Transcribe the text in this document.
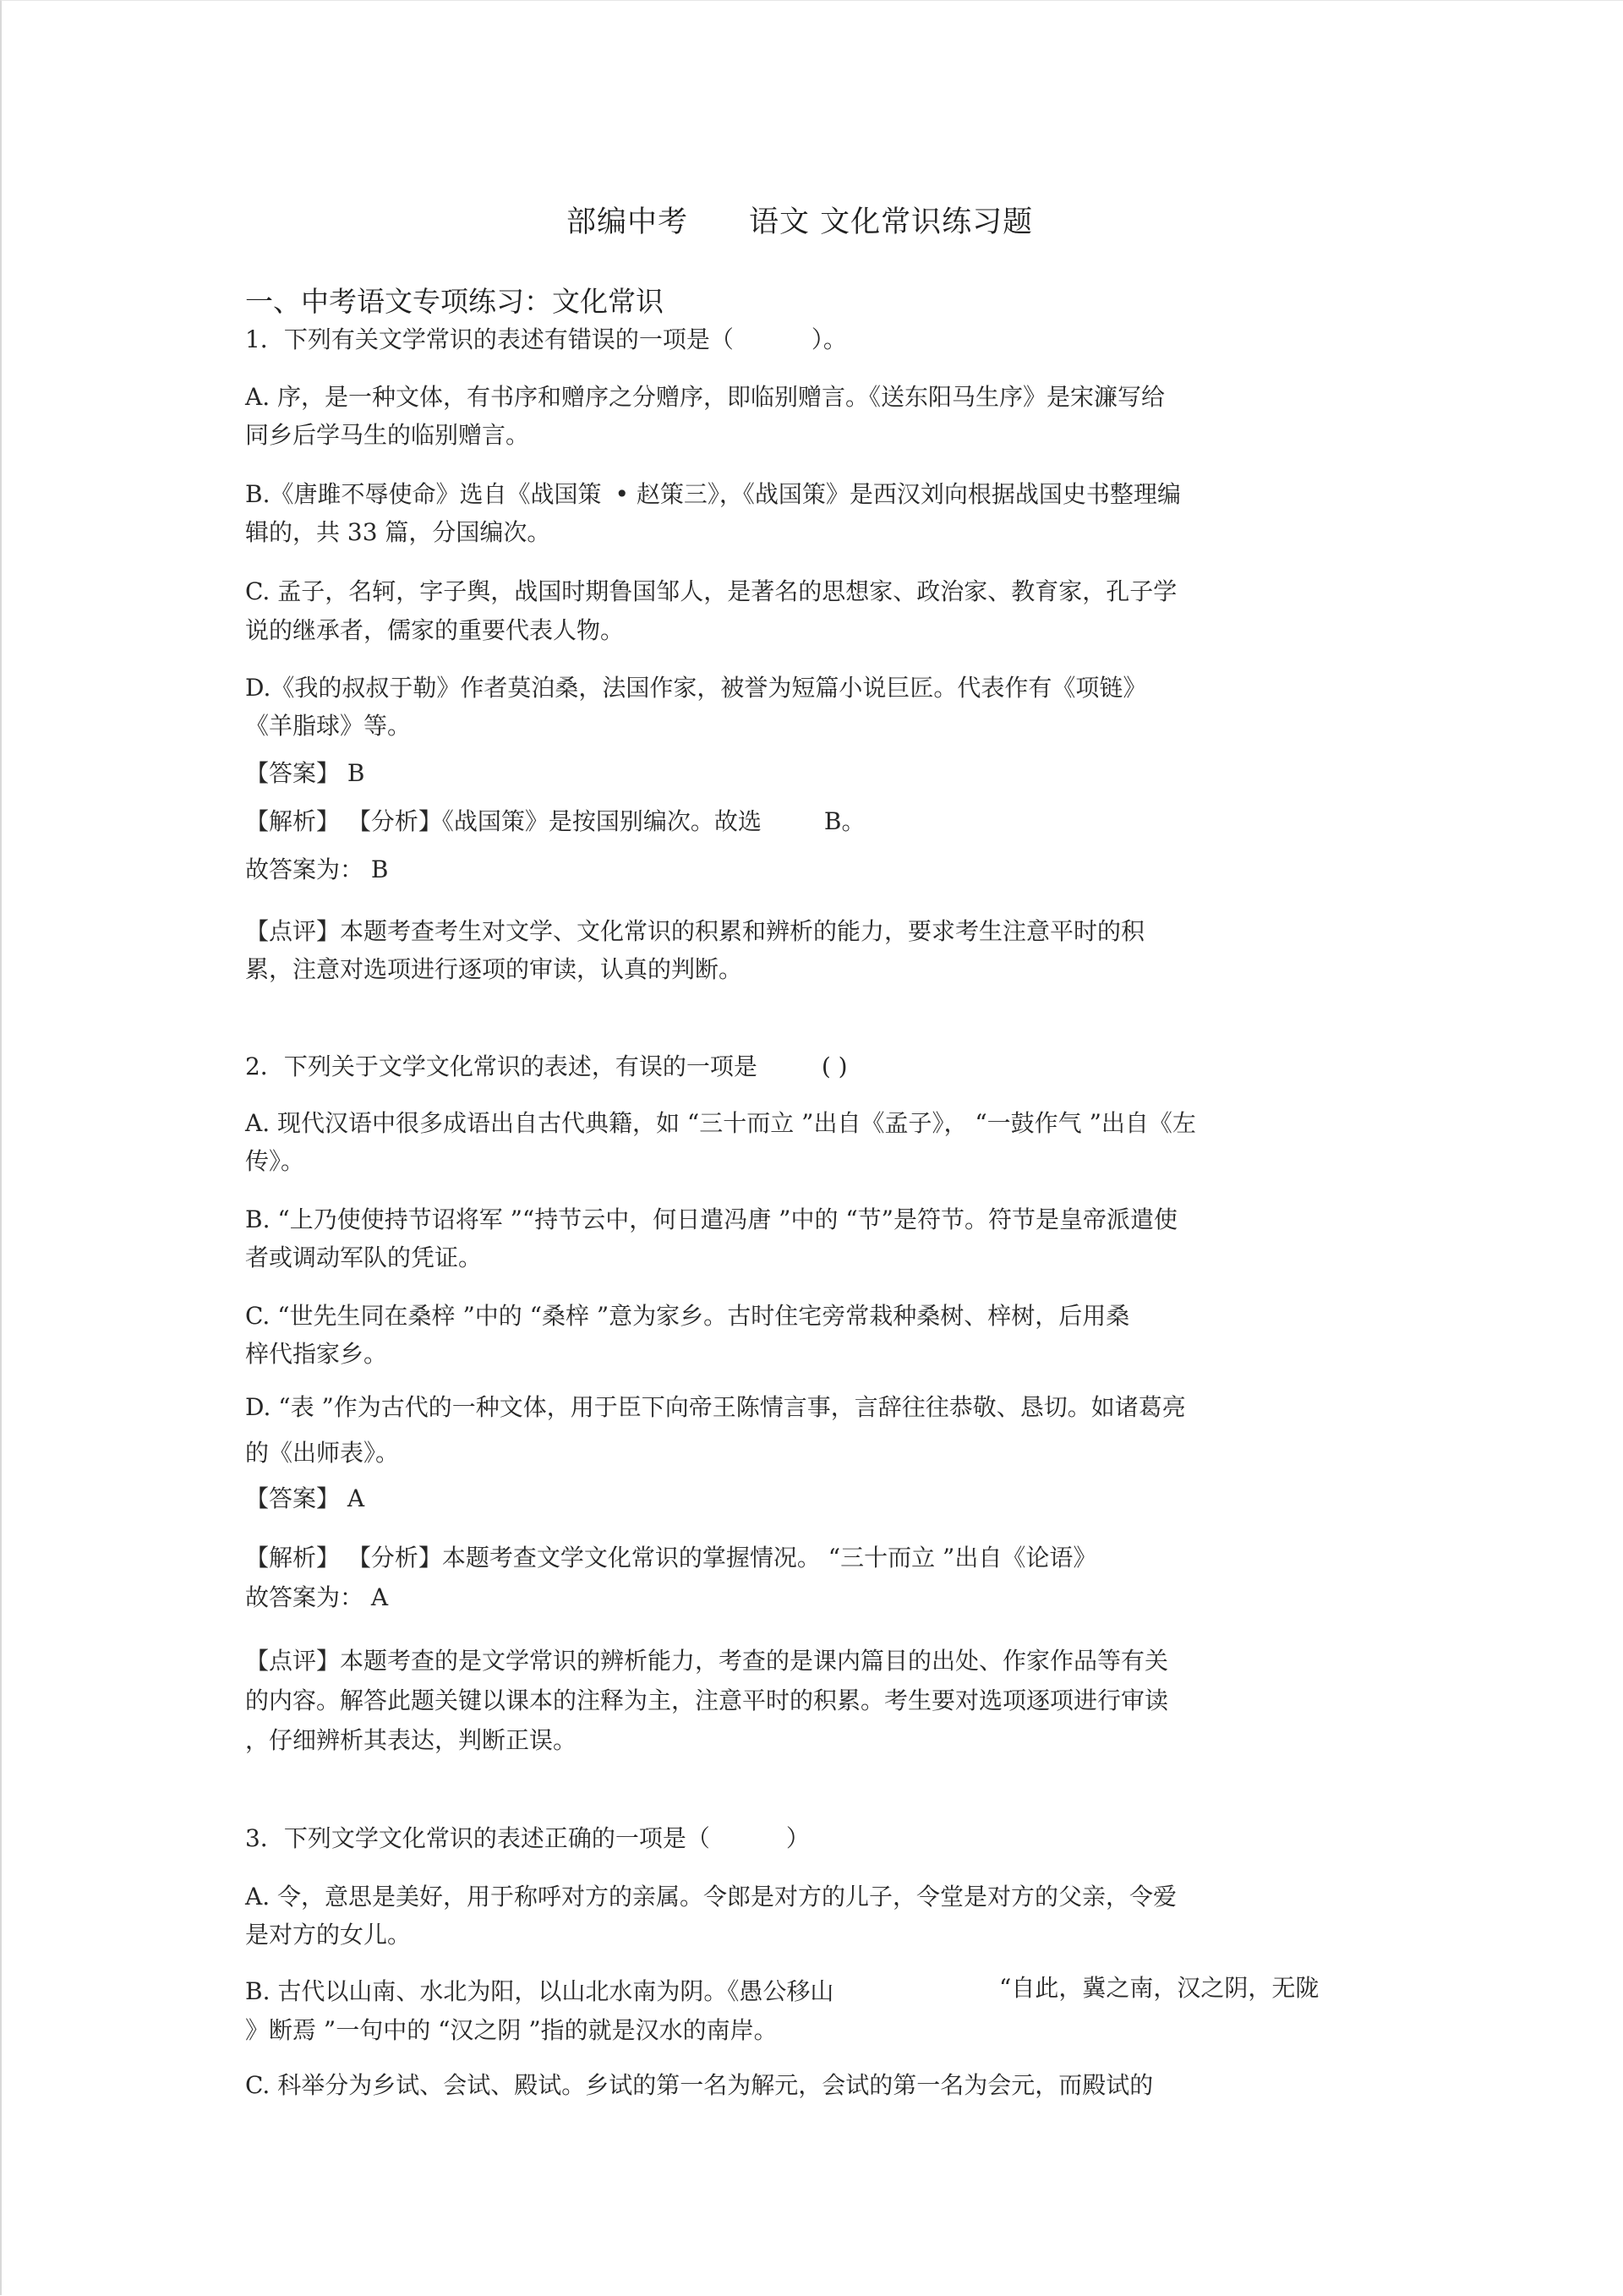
部编中考 语文 文化常识练习题
一、中考语文专项练习：文化常识
1．下列有关文学常识的表述有错误的一项是（	）。
A. 序，是一种文体，有书序和赠序之分赠序，即临别赠言。《送东阳马生序》是宋濂写给
同乡后学马生的临别赠言。
B.《唐雎不辱使命》选自《战国策 • 赵策三》，《战国策》是西汉刘向根据战国史书整理编
辑的，共 33 篇，分国编次。
C. 孟子，名轲，字子舆，战国时期鲁国邹人，是著名的思想家、政治家、教育家，孔子学
说的继承者，儒家的重要代表人物。
D.《我的叔叔于勒》作者莫泊桑，法国作家，被誉为短篇小说巨匠。代表作有《项链》
《羊脂球》等。
【答案】 B
【解析】 【分析】《战国策》是按国别编次。故选	B。
故答案为： B
【点评】本题考查考生对文学、文化常识的积累和辨析的能力，要求考生注意平时的积
累，注意对选项进行逐项的审读，认真的判断。
2．下列关于文学文化常识的表述，有误的一项是	( )
A. 现代汉语中很多成语出自古代典籍，如 “三十而立 ”出自《孟子》， “一鼓作气 ”出自《左
传》。
B. “上乃使使持节诏将军 ”“持节云中，何日遣冯唐 ”中的 “节”是符节。符节是皇帝派遣使
者或调动军队的凭证。
C. “世先生同在桑梓 ”中的 “桑梓 ”意为家乡。古时住宅旁常栽种桑树、梓树，后用桑
梓代指家乡。
D. “表 ”作为古代的一种文体，用于臣下向帝王陈情言事，言辞往往恭敬、恳切。如诸葛亮
的《出师表》。
【答案】 A
【解析】 【分析】本题考查文学文化常识的掌握情况。 “三十而立 ”出自《论语》
故答案为： A
【点评】本题考查的是文学常识的辨析能力，考查的是课内篇目的出处、作家作品等有关
的内容。解答此题关键以课本的注释为主，注意平时的积累。考生要对选项逐项进行审读
，仔细辨析其表达，判断正误。
3．下列文学文化常识的表述正确的一项是（	）
A. 令，意思是美好，用于称呼对方的亲属。令郎是对方的儿子，令堂是对方的父亲，令爱
是对方的女儿。
B. 古代以山南、水北为阳，以山北水南为阴。《愚公移山	“自此，冀之南，汉之阴，无陇
》断焉 ”一句中的 “汉之阴 ”指的就是汉水的南岸。
C. 科举分为乡试、会试、殿试。乡试的第一名为解元，会试的第一名为会元，而殿试的
